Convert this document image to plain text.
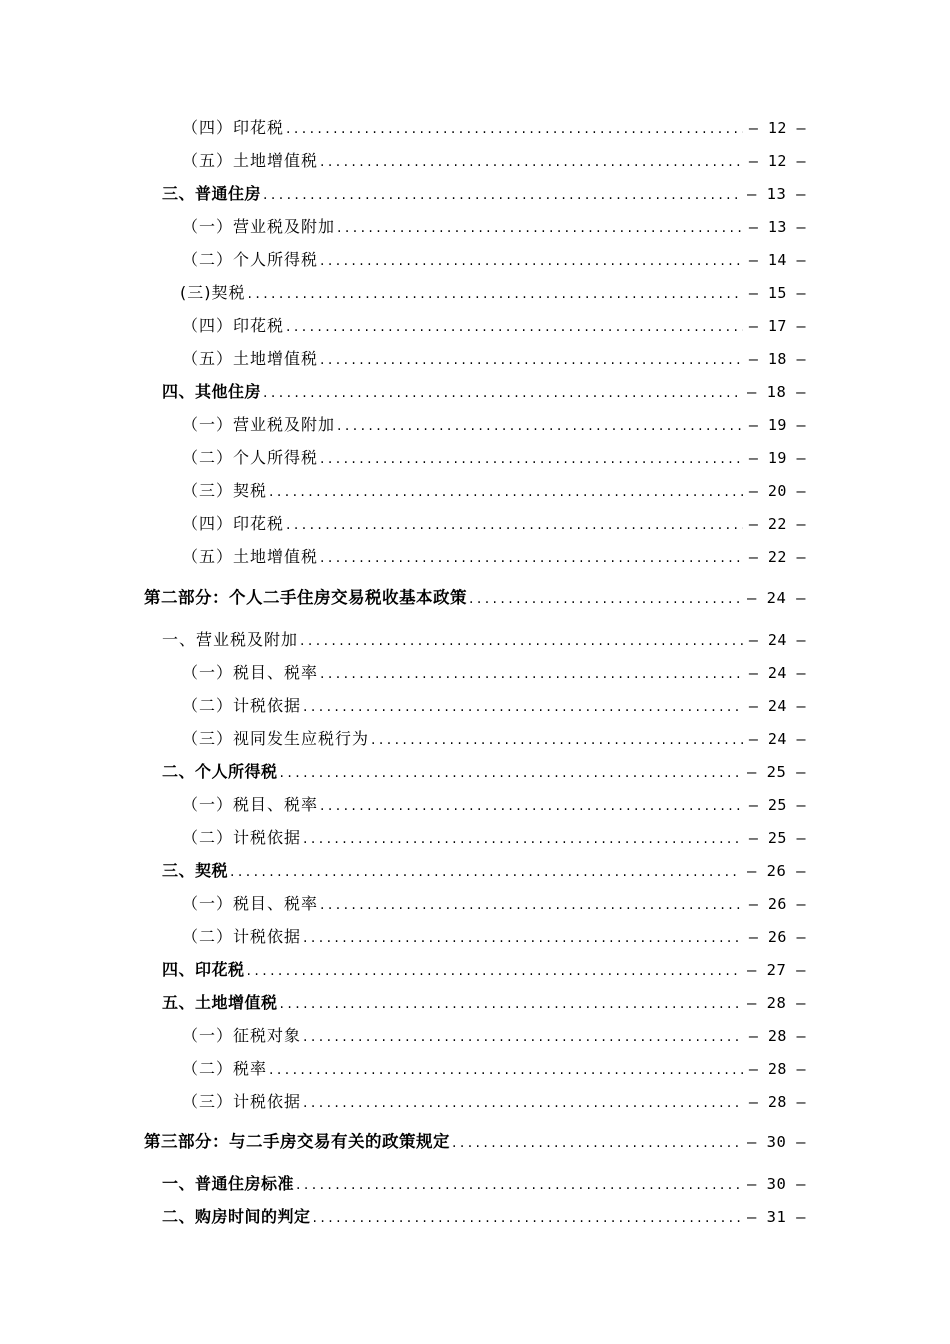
（四）印花税 .....	– 12 –
（五）土地增值税 .....	– 12 –
三、普通住房 .....	– 13 –
（一）营业税及附加 .....	– 13 –
（二）个人所得税 .....	– 14 –
(三)契税 .....	– 15 –
（四）印花税 .....	– 17 –
（五）土地增值税 .....	– 18 –
四、其他住房 .....	– 18 –
（一）营业税及附加 .....	– 19 –
（二）个人所得税 .....	– 19 –
（三）契税 .....	– 20 –
（四）印花税 .....	– 22 –
（五）土地增值税 .....	– 22 –
第二部分：个人二手住房交易税收基本政策 .....	– 24 –
一、营业税及附加 .....	– 24 –
（一）税目、税率 .....	– 24 –
（二）计税依据 .....	– 24 –
（三）视同发生应税行为 .....	– 24 –
二、个人所得税 .....	– 25 –
（一）税目、税率 .....	– 25 –
（二）计税依据 .....	– 25 –
三、契税 .....	– 26 –
（一）税目、税率 .....	– 26 –
（二）计税依据 .....	– 26 –
四、印花税 .....	– 27 –
五、土地增值税 .....	– 28 –
（一）征税对象 .....	– 28 –
（二）税率 .....	– 28 –
（三）计税依据 .....	– 28 –
第三部分：与二手房交易有关的政策规定 .....	– 30 –
一、普通住房标准 .....	– 30 –
二、购房时间的判定 .....	– 31 –
